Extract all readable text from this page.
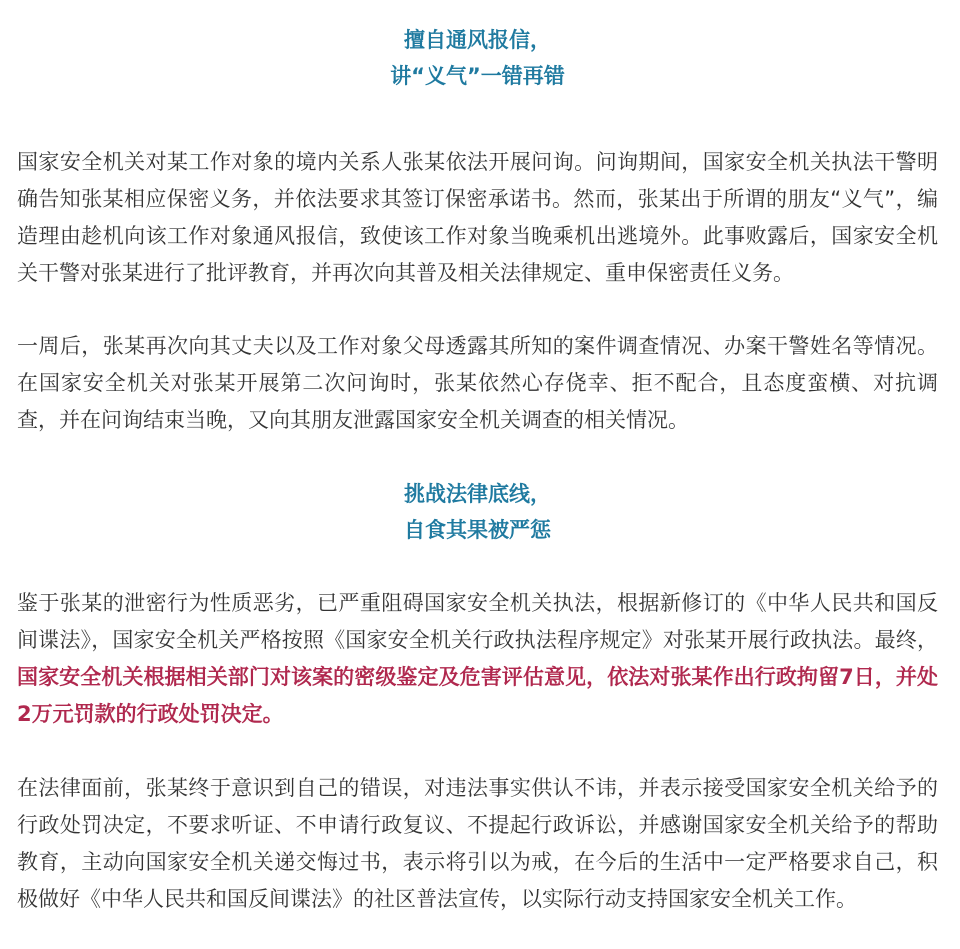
擅自通风报信，
讲“义气”一错再错

国家安全机关对某工作对象的境内关系人张某依法开展问询。问询期间，国家安全机关执法干警明确告知张某相应保密义务，并依法要求其签订保密承诺书。然而，张某出于所谓的朋友“义气”，编造理由趁机向该工作对象通风报信，致使该工作对象当晚乘机出逃境外。此事败露后，国家安全机关干警对张某进行了批评教育，并再次向其普及相关法律规定、重申保密责任义务。

一周后，张某再次向其丈夫以及工作对象父母透露其所知的案件调查情况、办案干警姓名等情况。在国家安全机关对张某开展第二次问询时，张某依然心存侥幸、拒不配合，且态度蛮横、对抗调查，并在问询结束当晚，又向其朋友泄露国家安全机关调查的相关情况。

挑战法律底线，
自食其果被严惩

鉴于张某的泄密行为性质恶劣，已严重阻碍国家安全机关执法，根据新修订的《中华人民共和国反间谍法》，国家安全机关严格按照《国家安全机关行政执法程序规定》对张某开展行政执法。最终，国家安全机关根据相关部门对该案的密级鉴定及危害评估意见，依法对张某作出行政拘留7日，并处2万元罚款的行政处罚决定。

在法律面前，张某终于意识到自己的错误，对违法事实供认不讳，并表示接受国家安全机关给予的行政处罚决定，不要求听证、不申请行政复议、不提起行政诉讼，并感谢国家安全机关给予的帮助教育，主动向国家安全机关递交悔过书，表示将引以为戒，在今后的生活中一定严格要求自己，积极做好《中华人民共和国反间谍法》的社区普法宣传，以实际行动支持国家安全机关工作。
